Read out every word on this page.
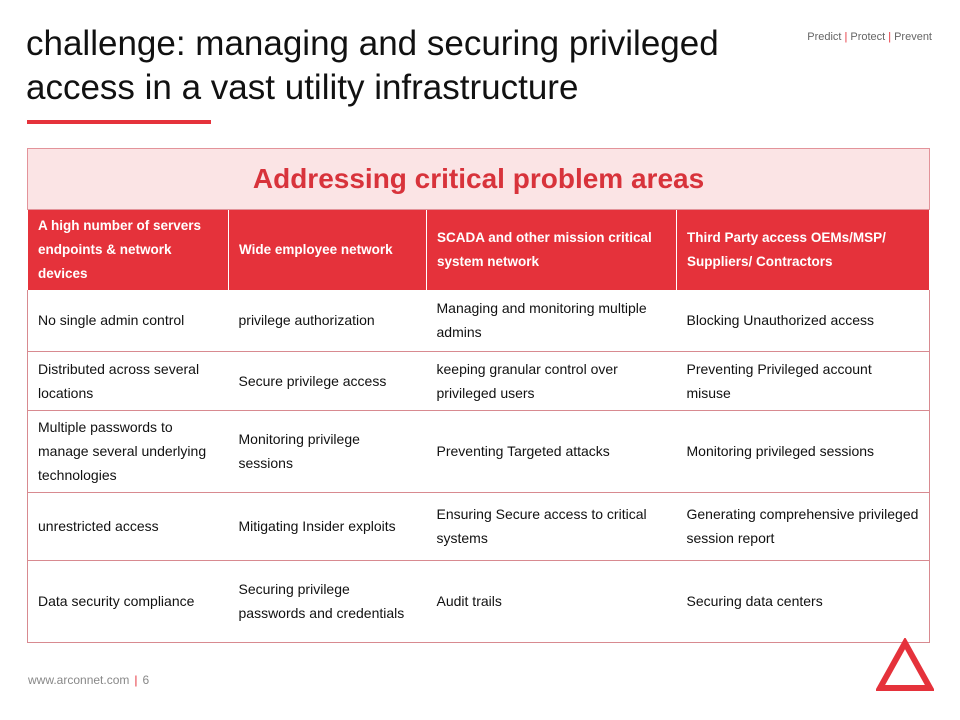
challenge: managing and securing privileged access in a vast utility infrastructure
Predict | Protect | Prevent
Addressing critical problem areas			
A high number of servers endpoints & network devices	Wide employee network	SCADA and other mission critical system network	Third Party access OEMs/MSP/ Suppliers/ Contractors
No single admin control	privilege authorization	Managing and monitoring multiple admins	Blocking Unauthorized access
Distributed across several locations	Secure privilege access	keeping granular control over privileged users	Preventing Privileged account misuse
Multiple passwords to manage several underlying technologies	Monitoring privilege sessions	Preventing Targeted attacks	Monitoring privileged sessions
unrestricted access	Mitigating Insider exploits	Ensuring Secure access to critical systems	Generating comprehensive privileged session report
Data security compliance	Securing privilege passwords and credentials	Audit trails	Securing data centers
www.arconnet.com | 6
